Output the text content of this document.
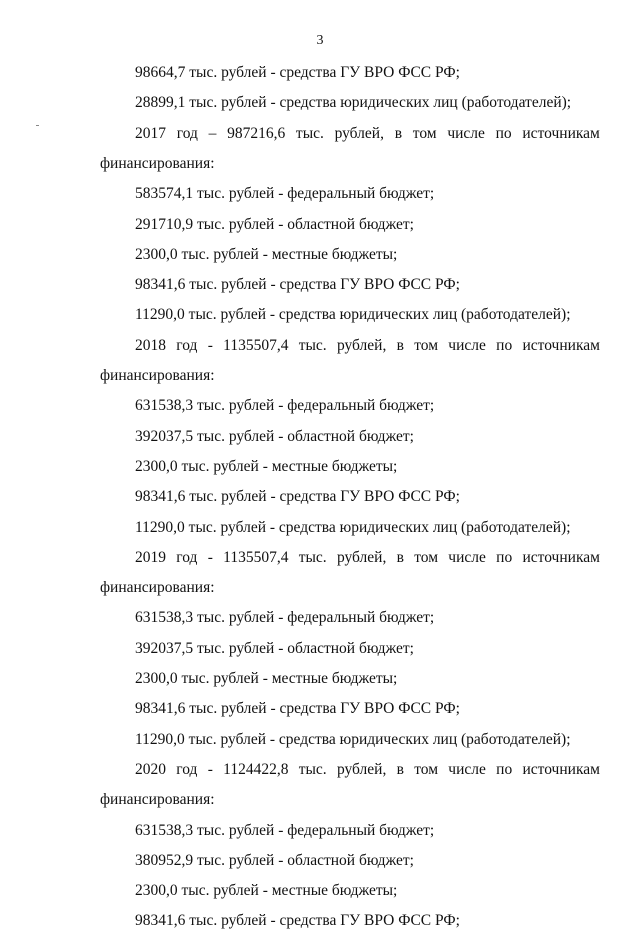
3
98664,7 тыс. рублей - средства ГУ ВРО ФСС РФ;
28899,1 тыс. рублей - средства юридических лиц (работодателей);
2017 год – 987216,6 тыс. рублей, в том числе по источникам
финансирования:
583574,1 тыс. рублей - федеральный бюджет;
291710,9 тыс. рублей - областной бюджет;
2300,0 тыс. рублей - местные бюджеты;
98341,6 тыс. рублей - средства ГУ ВРО ФСС РФ;
11290,0 тыс. рублей - средства юридических лиц (работодателей);
2018 год - 1135507,4 тыс. рублей, в том числе по источникам
финансирования:
631538,3 тыс. рублей - федеральный бюджет;
392037,5 тыс. рублей - областной бюджет;
2300,0 тыс. рублей - местные бюджеты;
98341,6 тыс. рублей - средства ГУ ВРО ФСС РФ;
11290,0 тыс. рублей - средства юридических лиц (работодателей);
2019 год - 1135507,4 тыс. рублей, в том числе по источникам
финансирования:
631538,3 тыс. рублей - федеральный бюджет;
392037,5 тыс. рублей - областной бюджет;
2300,0 тыс. рублей - местные бюджеты;
98341,6 тыс. рублей - средства ГУ ВРО ФСС РФ;
11290,0 тыс. рублей - средства юридических лиц (работодателей);
2020 год - 1124422,8 тыс. рублей, в том числе по источникам
финансирования:
631538,3 тыс. рублей - федеральный бюджет;
380952,9 тыс. рублей - областной бюджет;
2300,0 тыс. рублей - местные бюджеты;
98341,6 тыс. рублей - средства ГУ ВРО ФСС РФ;
